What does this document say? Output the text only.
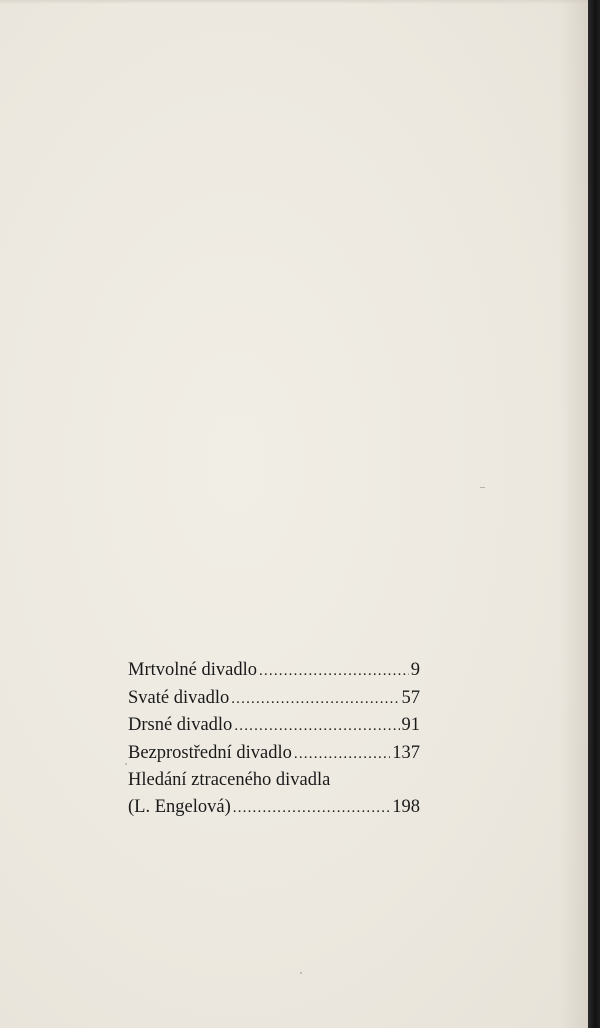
Mrtvolné divadlo .....	9
Svaté divadlo .....	57
Drsné divadlo .....	91
Bezprostřední divadlo .....	137
Hledání ztraceného divadla
(L. Engelová) .....	198
